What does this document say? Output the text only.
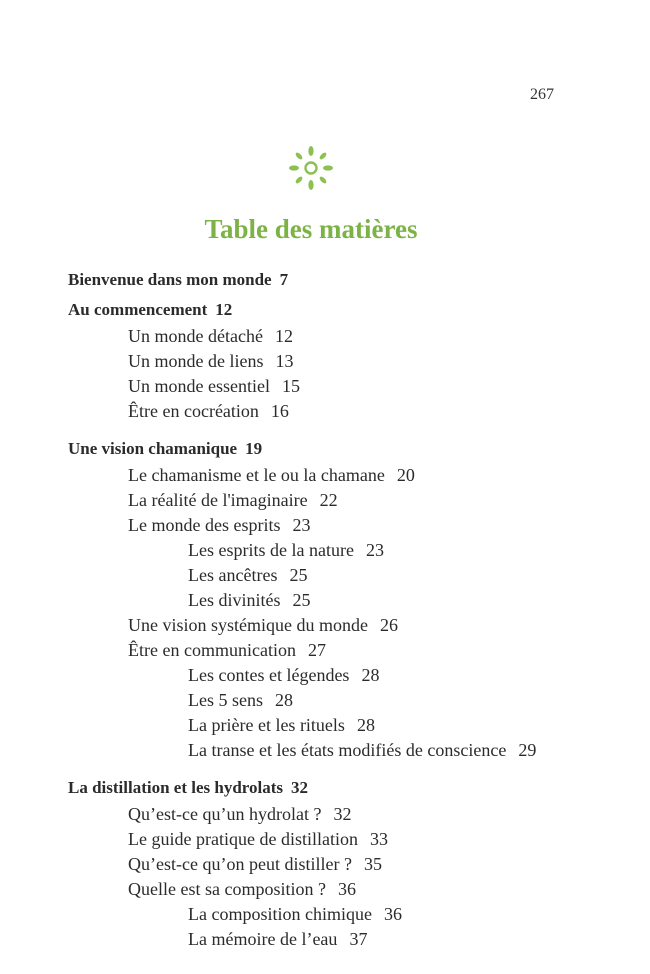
267
Table des matières
Bienvenue dans mon monde 7
Au commencement 12
Un monde détaché 12
Un monde de liens 13
Un monde essentiel 15
Être en cocréation 16
Une vision chamanique 19
Le chamanisme et le ou la chamane 20
La réalité de l'imaginaire 22
Le monde des esprits 23
Les esprits de la nature 23
Les ancêtres 25
Les divinités 25
Une vision systémique du monde 26
Être en communication 27
Les contes et légendes 28
Les 5 sens 28
La prière et les rituels 28
La transe et les états modifiés de conscience 29
La distillation et les hydrolats 32
Qu’est-ce qu’un hydrolat ? 32
Le guide pratique de distillation 33
Qu’est-ce qu’on peut distiller ? 35
Quelle est sa composition ? 36
La composition chimique 36
La mémoire de l’eau 37
